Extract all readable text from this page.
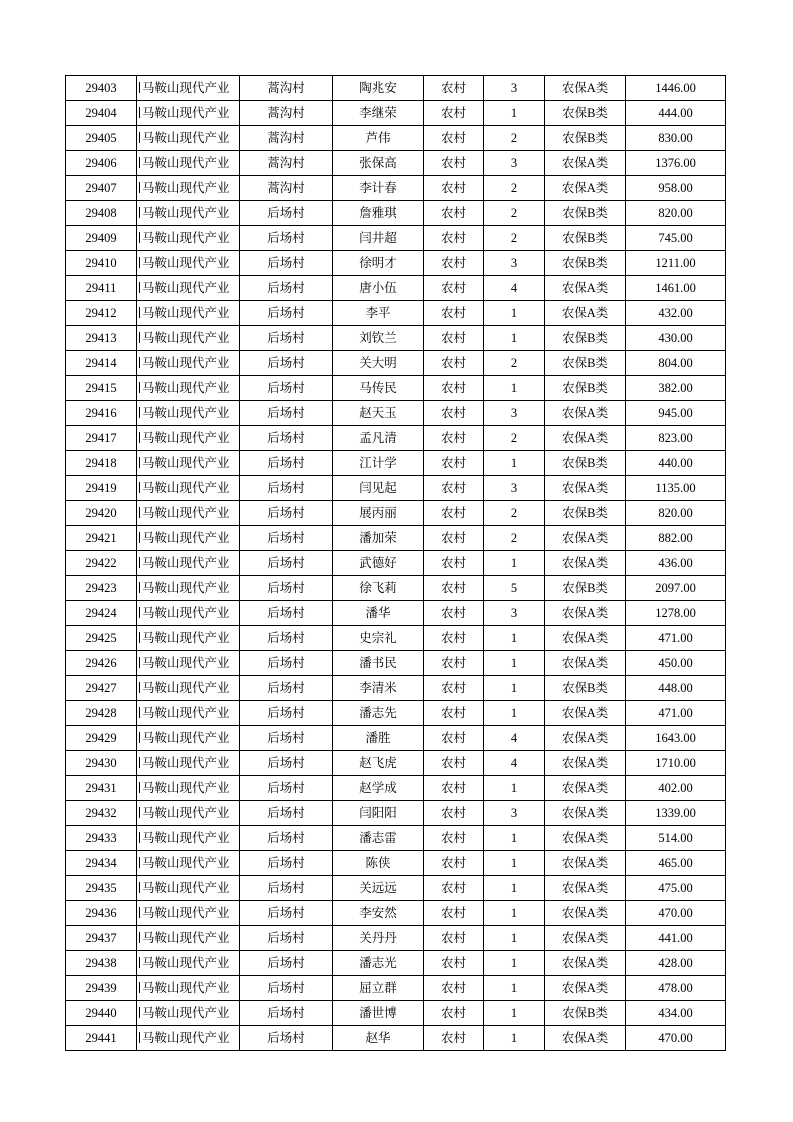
29403	马鞍山现代产业	蒿沟村	陶兆安	农村	3	农保A类	1446.00
29404	马鞍山现代产业	蒿沟村	李继荣	农村	1	农保B类	444.00
29405	马鞍山现代产业	蒿沟村	芦伟	农村	2	农保B类	830.00
29406	马鞍山现代产业	蒿沟村	张保高	农村	3	农保A类	1376.00
29407	马鞍山现代产业	蒿沟村	李计春	农村	2	农保A类	958.00
29408	马鞍山现代产业	后场村	詹雅琪	农村	2	农保B类	820.00
29409	马鞍山现代产业	后场村	闫井超	农村	2	农保B类	745.00
29410	马鞍山现代产业	后场村	徐明才	农村	3	农保B类	1211.00
29411	马鞍山现代产业	后场村	唐小伍	农村	4	农保A类	1461.00
29412	马鞍山现代产业	后场村	李平	农村	1	农保A类	432.00
29413	马鞍山现代产业	后场村	刘钦兰	农村	1	农保B类	430.00
29414	马鞍山现代产业	后场村	关大明	农村	2	农保B类	804.00
29415	马鞍山现代产业	后场村	马传民	农村	1	农保B类	382.00
29416	马鞍山现代产业	后场村	赵天玉	农村	3	农保A类	945.00
29417	马鞍山现代产业	后场村	孟凡清	农村	2	农保A类	823.00
29418	马鞍山现代产业	后场村	江计学	农村	1	农保B类	440.00
29419	马鞍山现代产业	后场村	闫见起	农村	3	农保A类	1135.00
29420	马鞍山现代产业	后场村	展丙丽	农村	2	农保B类	820.00
29421	马鞍山现代产业	后场村	潘加荣	农村	2	农保A类	882.00
29422	马鞍山现代产业	后场村	武德好	农村	1	农保A类	436.00
29423	马鞍山现代产业	后场村	徐飞莉	农村	5	农保B类	2097.00
29424	马鞍山现代产业	后场村	潘华	农村	3	农保A类	1278.00
29425	马鞍山现代产业	后场村	史宗礼	农村	1	农保A类	471.00
29426	马鞍山现代产业	后场村	潘书民	农村	1	农保A类	450.00
29427	马鞍山现代产业	后场村	李清米	农村	1	农保B类	448.00
29428	马鞍山现代产业	后场村	潘志先	农村	1	农保A类	471.00
29429	马鞍山现代产业	后场村	潘胜	农村	4	农保A类	1643.00
29430	马鞍山现代产业	后场村	赵飞虎	农村	4	农保A类	1710.00
29431	马鞍山现代产业	后场村	赵学成	农村	1	农保A类	402.00
29432	马鞍山现代产业	后场村	闫阳阳	农村	3	农保A类	1339.00
29433	马鞍山现代产业	后场村	潘志雷	农村	1	农保A类	514.00
29434	马鞍山现代产业	后场村	陈侠	农村	1	农保A类	465.00
29435	马鞍山现代产业	后场村	关远远	农村	1	农保A类	475.00
29436	马鞍山现代产业	后场村	李安然	农村	1	农保A类	470.00
29437	马鞍山现代产业	后场村	关丹丹	农村	1	农保A类	441.00
29438	马鞍山现代产业	后场村	潘志光	农村	1	农保A类	428.00
29439	马鞍山现代产业	后场村	屈立群	农村	1	农保A类	478.00
29440	马鞍山现代产业	后场村	潘世博	农村	1	农保B类	434.00
29441	马鞍山现代产业	后场村	赵华	农村	1	农保A类	470.00
